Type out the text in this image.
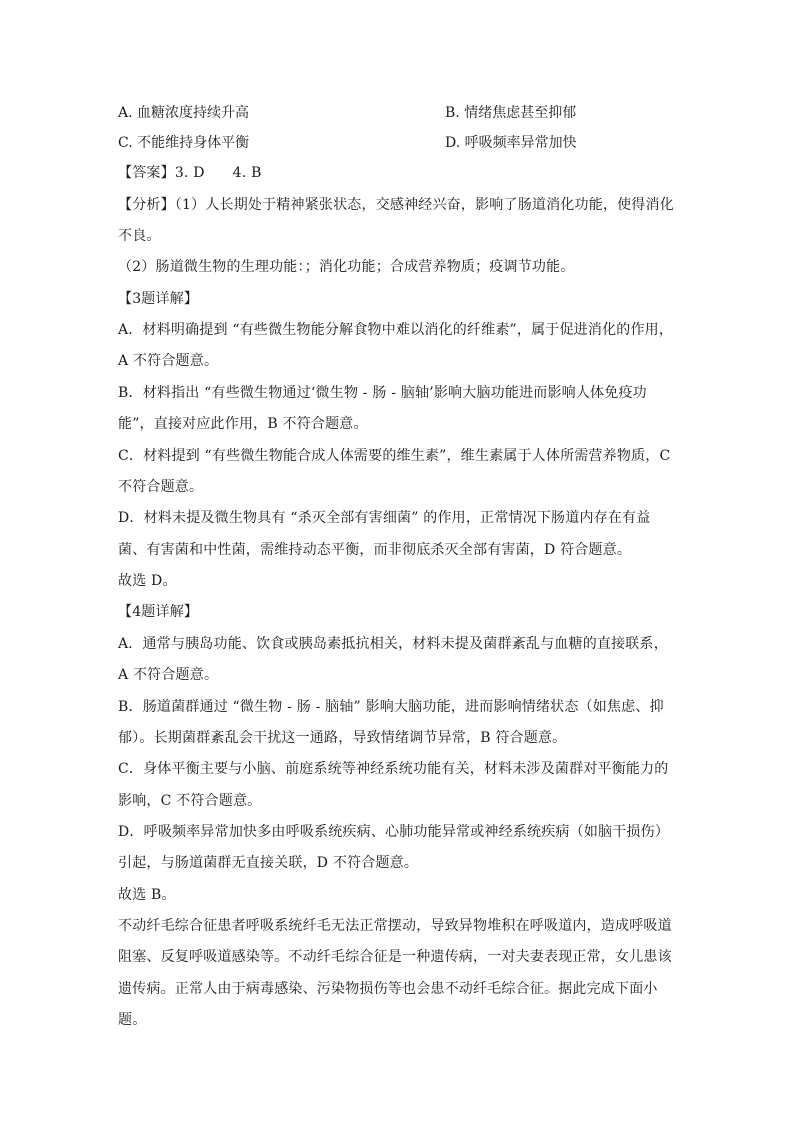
A. 血糖浓度持续升高	B. 情绪焦虑甚至抑郁
C. 不能维持身体平衡	D. 呼吸频率异常加快
【答案】3. D 4. B
【分析】（1）人长期处于精神紧张状态，交感神经兴奋，影响了肠道消化功能，使得消化
不良。
（2）肠道微生物的生理功能：；消化功能；合成营养物质；疫调节功能。
【3题详解】
A．材料明确提到 “有些微生物能分解食物中难以消化的纤维素”，属于促进消化的作用，
A 不符合题意。
B．材料指出 “有些微生物通过‘微生物 - 肠 - 脑轴’影响大脑功能进而影响人体免疫功
能”，直接对应此作用，B 不符合题意。
C．材料提到 “有些微生物能合成人体需要的维生素”，维生素属于人体所需营养物质，C
不符合题意。
D．材料未提及微生物具有 “杀灭全部有害细菌” 的作用，正常情况下肠道内存在有益
菌、有害菌和中性菌，需维持动态平衡，而非彻底杀灭全部有害菌，D 符合题意。
故选 D。
【4题详解】
A．通常与胰岛功能、饮食或胰岛素抵抗相关，材料未提及菌群紊乱与血糖的直接联系，
A 不符合题意。
B．肠道菌群通过 “微生物 - 肠 - 脑轴” 影响大脑功能，进而影响情绪状态（如焦虑、抑
郁）。长期菌群紊乱会干扰这一通路，导致情绪调节异常，B 符合题意。
C．身体平衡主要与小脑、前庭系统等神经系统功能有关，材料未涉及菌群对平衡能力的
影响，C 不符合题意。
D．呼吸频率异常加快多由呼吸系统疾病、心肺功能异常或神经系统疾病（如脑干损伤）
引起，与肠道菌群无直接关联，D 不符合题意。
故选 B。
不动纤毛综合征患者呼吸系统纤毛无法正常摆动，导致异物堆积在呼吸道内，造成呼吸道
阻塞、反复呼吸道感染等。不动纤毛综合征是一种遗传病，一对夫妻表现正常，女儿患该
遗传病。正常人由于病毒感染、污染物损伤等也会患不动纤毛综合征。据此完成下面小
题。
